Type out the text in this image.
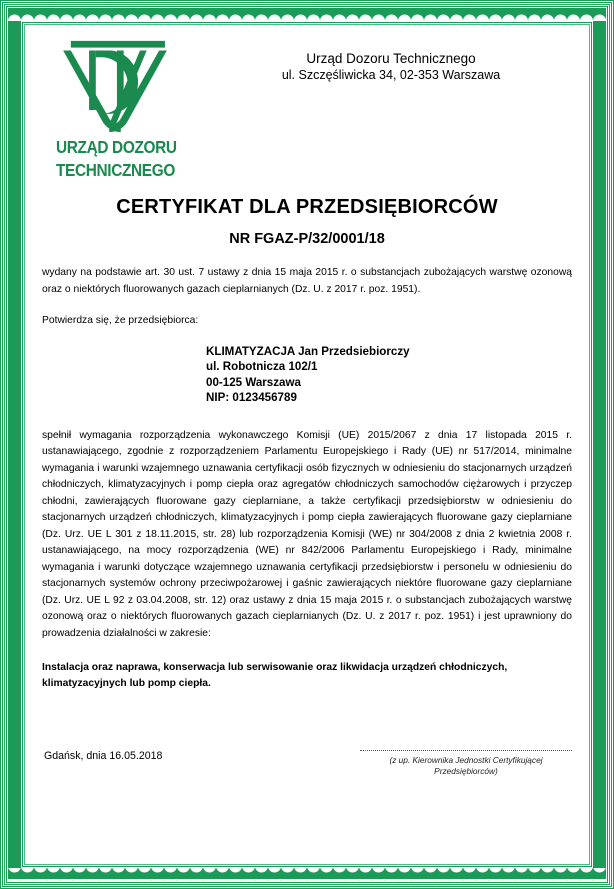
URZĄD DOZORU
TECHNICZNEGO
Urząd Dozoru Technicznego
ul. Szczęśliwicka 34, 02-353 Warszawa
CERTYFIKAT DLA PRZEDSIĘBIORCÓW
NR FGAZ-P/32/0001/18

wydany na podstawie art. 30 ust. 7 ustawy z dnia 15 maja 2015 r. o substancjach zubożających warstwę ozonową oraz o niektórych fluorowanych gazach cieplarnianych (Dz. U. z 2017 r. poz. 1951).

Potwierdza się, że przedsiębiorca:

KLIMATYZACJA Jan Przedsiebiorczy
ul. Robotnicza 102/1
00-125 Warszawa
NIP: 0123456789

spełnił wymagania rozporządzenia wykonawczego Komisji (UE) 2015/2067 z dnia 17 listopada 2015 r. ustanawiającego, zgodnie z rozporządzeniem Parlamentu Europejskiego i Rady (UE) nr 517/2014, minimalne wymagania i warunki wzajemnego uznawania certyfikacji osób fizycznych w odniesieniu do stacjonarnych urządzeń chłodniczych, klimatyzacyjnych i pomp ciepła oraz agregatów chłodniczych samochodów ciężarowych i przyczep chłodni, zawierających fluorowane gazy cieplarniane, a także certyfikacji przedsiębiorstw w odniesieniu do stacjonarnych urządzeń chłodniczych, klimatyzacyjnych i pomp ciepła zawierających fluorowane gazy cieplarniane (Dz. Urz. UE L 301 z 18.11.2015, str. 28) lub rozporządzenia Komisji (WE) nr 304/2008 z dnia 2 kwietnia 2008 r. ustanawiającego, na mocy rozporządzenia (WE) nr 842/2006 Parlamentu Europejskiego i Rady, minimalne wymagania i warunki dotyczące wzajemnego uznawania certyfikacji przedsiębiorstw i personelu w odniesieniu do stacjonarnych systemów ochrony przeciwpożarowej i gaśnic zawierających niektóre fluorowane gazy cieplarniane (Dz. Urz. UE L 92 z 03.04.2008, str. 12) oraz ustawy z dnia 15 maja 2015 r. o substancjach zubożających warstwę ozonową oraz o niektórych fluorowanych gazach cieplarnianych (Dz. U. z 2017 r. poz. 1951) i jest uprawniony do prowadzenia działalności w zakresie:

Instalacja oraz naprawa, konserwacja lub serwisowanie oraz likwidacja urządzeń chłodniczych, klimatyzacyjnych lub pomp ciepła.

Gdańsk, dnia 16.05.2018	(z up. Kierownika Jednostki Certyfikującej
Przedsiębiorców)
